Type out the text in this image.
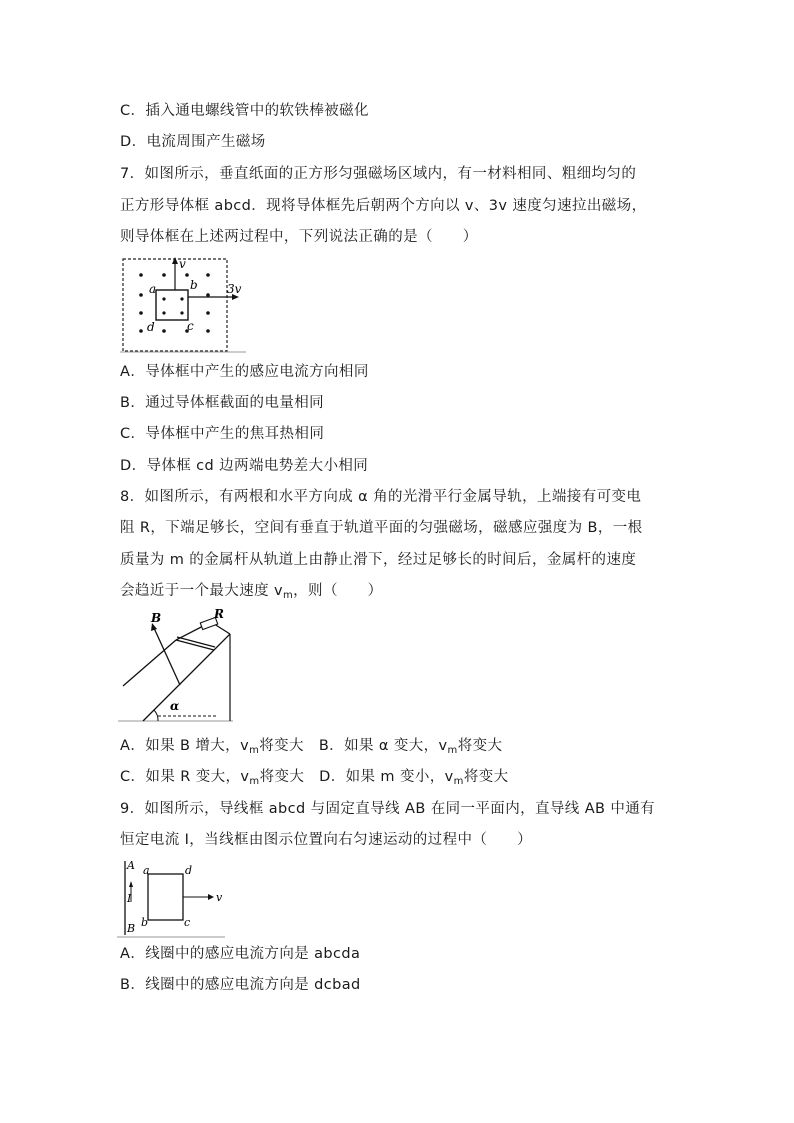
C．插入通电螺线管中的软铁棒被磁化
D．电流周围产生磁场
7．如图所示，垂直纸面的正方形匀强磁场区域内，有一材料相同、粗细均匀的
正方形导体框 abcd．现将导体框先后朝两个方向以 v、3v 速度匀速拉出磁场，
则导体框在上述两过程中，下列说法正确的是（　　）
v
3v
a	b
c
d
A．导体框中产生的感应电流方向相同
B．通过导体框截面的电量相同
C．导体框中产生的焦耳热相同
D．导体框 cd 边两端电势差大小相同
8．如图所示，有两根和水平方向成 α 角的光滑平行金属导轨，上端接有可变电
阻 R，下端足够长，空间有垂直于轨道平面的匀强磁场，磁感应强度为 B，一根
质量为 m 的金属杆从轨道上由静止滑下，经过足够长的时间后，金属杆的速度
会趋近于一个最大速度 $v_m$，则（　　）
B	R
α
A．如果 B 增大，$v_m$将变大　B．如果 α 变大，$v_m$将变大
C．如果 R 变大，$v_m$将变大　D．如果 m 变小，$v_m$将变大
9．如图所示，导线框 abcd 与固定直导线 AB 在同一平面内，直导线 AB 中通有
恒定电流 I，当线框由图示位置向右匀速运动的过程中（　　）
A
B
I
a	d
b	c
v
A．线圈中的感应电流方向是 abcda
B．线圈中的感应电流方向是 dcbad
